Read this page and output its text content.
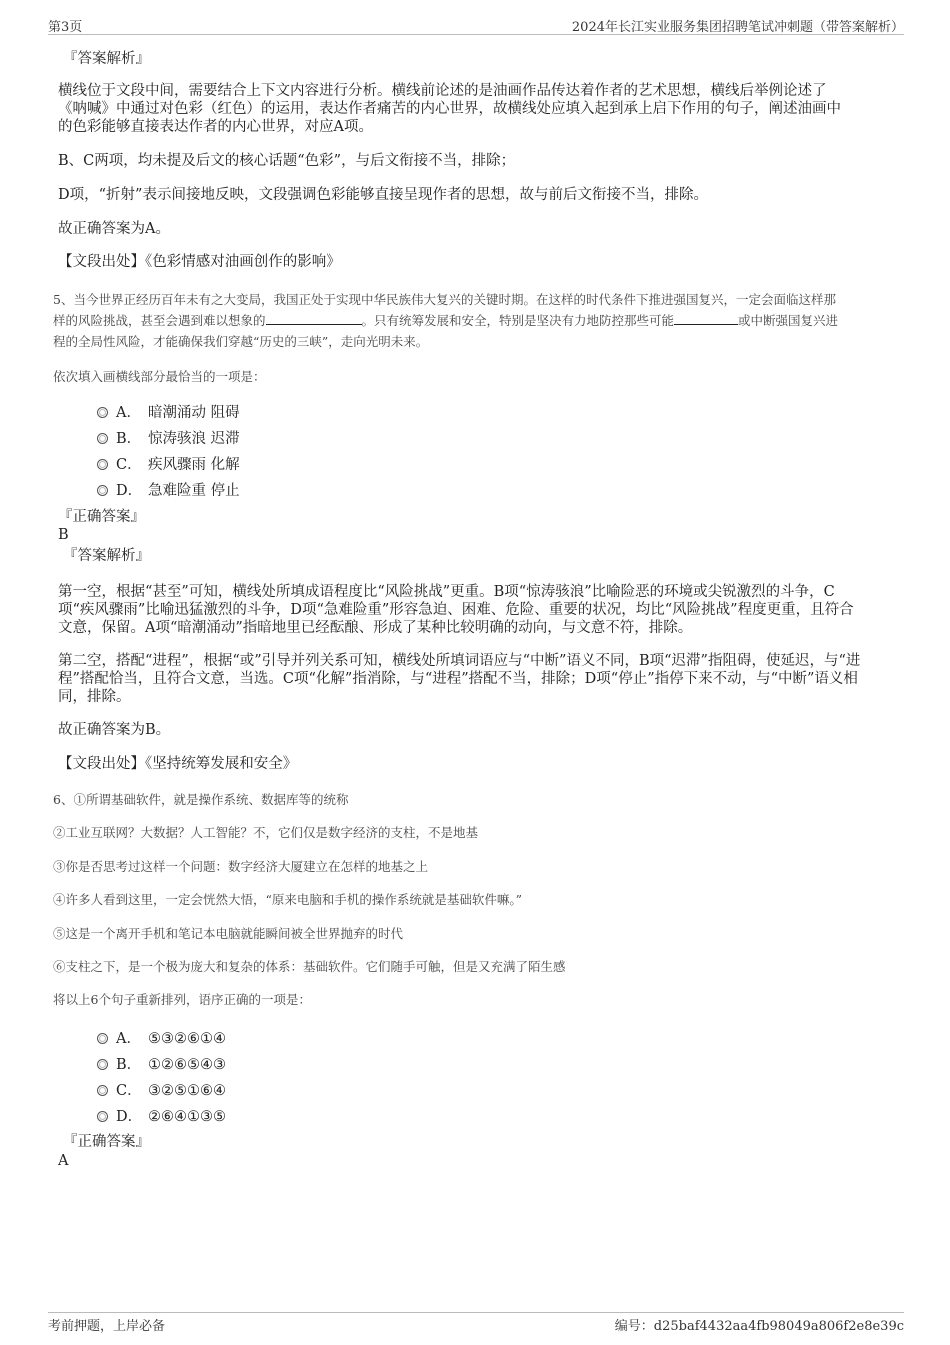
第3页	2024年长江实业服务集团招聘笔试冲刺题（带答案解析）
『答案解析』
横线位于文段中间，需要结合上下文内容进行分析。横线前论述的是油画作品传达着作者的艺术思想，横线后举例论述了
《呐喊》中通过对色彩（红色）的运用，表达作者痛苦的内心世界，故横线处应填入起到承上启下作用的句子，阐述油画中
的色彩能够直接表达作者的内心世界，对应A项。
B、C两项，均未提及后文的核心话题“色彩”，与后文衔接不当，排除；
D项，“折射”表示间接地反映，文段强调色彩能够直接呈现作者的思想，故与前后文衔接不当，排除。
故正确答案为A。
【文段出处】《色彩情感对油画创作的影响》
5、当今世界正经历百年未有之大变局，我国正处于实现中华民族伟大复兴的关键时期。在这样的时代条件下推进强国复兴，一定会面临这样那
样的风险挑战，甚至会遇到难以想象的	。只有统筹发展和安全，特别是坚决有力地防控那些可能	或中断强国复兴进
程的全局性风险，才能确保我们穿越“历史的三峡”，走向光明未来。
依次填入画横线部分最恰当的一项是：
A． 暗潮涌动 阻碍
B． 惊涛骇浪 迟滞
C． 疾风骤雨 化解
D． 急难险重 停止
『正确答案』
B
『答案解析』
第一空，根据“甚至”可知，横线处所填成语程度比“风险挑战”更重。B项“惊涛骇浪”比喻险恶的环境或尖锐激烈的斗争，C
项“疾风骤雨”比喻迅猛激烈的斗争，D项“急难险重”形容急迫、困难、危险、重要的状况，均比“风险挑战”程度更重，且符合
文意，保留。A项“暗潮涌动”指暗地里已经酝酿、形成了某种比较明确的动向，与文意不符，排除。
第二空，搭配“进程”，根据“或”引导并列关系可知，横线处所填词语应与“中断”语义不同，B项“迟滞”指阻碍，使延迟，与“进
程”搭配恰当，且符合文意，当选。C项“化解”指消除，与“进程”搭配不当，排除；D项“停止”指停下来不动，与“中断”语义相
同，排除。
故正确答案为B。
【文段出处】《坚持统筹发展和安全》
6、①所谓基础软件，就是操作系统、数据库等的统称
②工业互联网？大数据？人工智能？不，它们仅是数字经济的支柱，不是地基
③你是否思考过这样一个问题：数字经济大厦建立在怎样的地基之上
④许多人看到这里，一定会恍然大悟，“原来电脑和手机的操作系统就是基础软件嘛。”
⑤这是一个离开手机和笔记本电脑就能瞬间被全世界抛弃的时代
⑥支柱之下，是一个极为庞大和复杂的体系：基础软件。它们随手可触，但是又充满了陌生感
将以上6个句子重新排列，语序正确的一项是：
A． ⑤③②⑥①④
B． ①②⑥⑤④③
C． ③②⑤①⑥④
D． ②⑥④①③⑤
『正确答案』
A
考前押题，上岸必备	编号：d25baf4432aa4fb98049a806f2e8e39c
